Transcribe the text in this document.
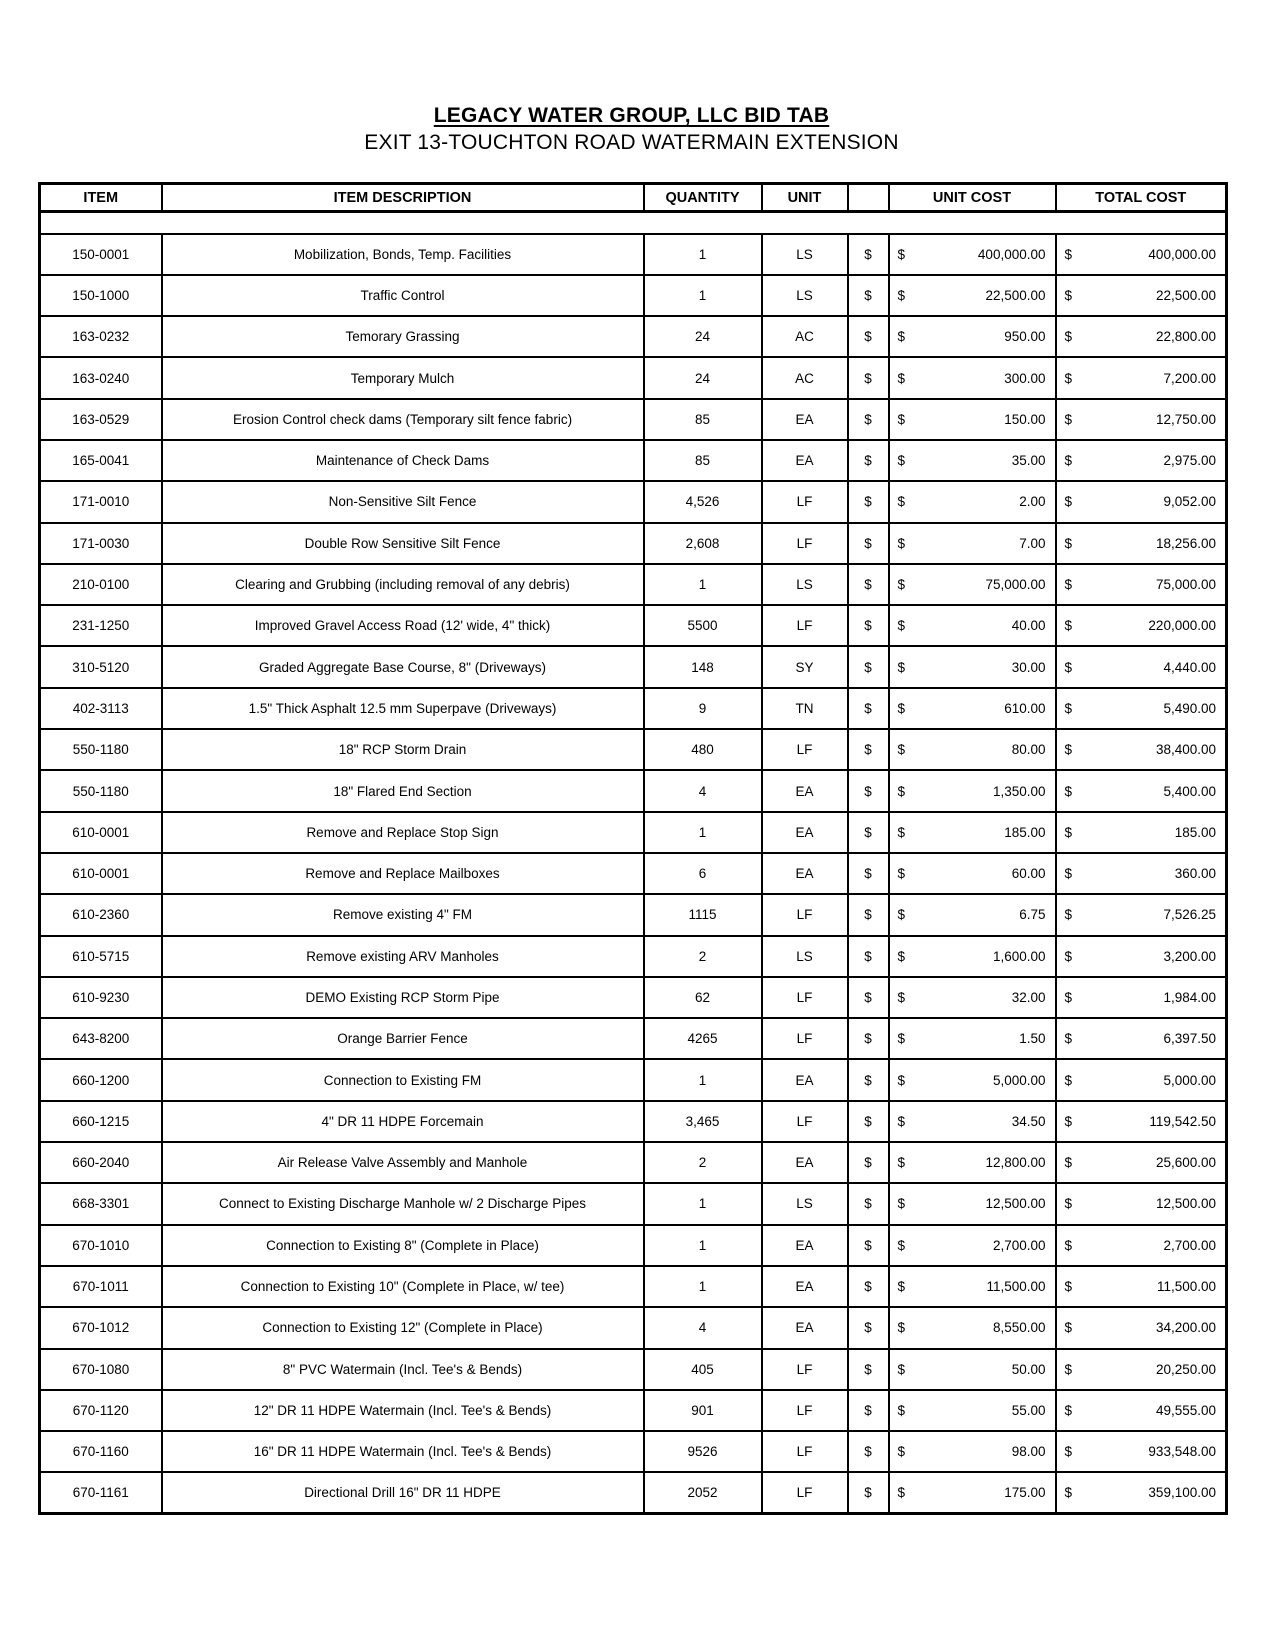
LEGACY WATER GROUP, LLC BID TAB
EXIT 13-TOUCHTON ROAD WATERMAIN EXTENSION
ITEM	ITEM DESCRIPTION	QUANTITY	UNIT		UNIT COST	TOTAL COST

150-0001	Mobilization, Bonds, Temp. Facilities	1	LS	$	$ 400,000.00	$ 400,000.00

150-1000	Traffic Control	1	LS	$	$ 22,500.00	$ 22,500.00

163-0232	Temorary Grassing	24	AC	$	$ 950.00	$ 22,800.00

163-0240	Temporary Mulch	24	AC	$	$ 300.00	$ 7,200.00

163-0529	Erosion Control check dams (Temporary silt fence fabric)	85	EA	$	$ 150.00	$ 12,750.00

165-0041	Maintenance of Check Dams	85	EA	$	$ 35.00	$ 2,975.00

171-0010	Non-Sensitive Silt Fence	4,526	LF	$	$ 2.00	$ 9,052.00

171-0030	Double Row Sensitive Silt Fence	2,608	LF	$	$ 7.00	$ 18,256.00

210-0100	Clearing and Grubbing (including removal of any debris)	1	LS	$	$ 75,000.00	$ 75,000.00

231-1250	Improved Gravel Access Road (12' wide, 4" thick)	5500	LF	$	$ 40.00	$ 220,000.00

310-5120	Graded Aggregate Base Course, 8" (Driveways)	148	SY	$	$ 30.00	$ 4,440.00

402-3113	1.5" Thick Asphalt 12.5 mm Superpave (Driveways)	9	TN	$	$ 610.00	$ 5,490.00

550-1180	18" RCP Storm Drain	480	LF	$	$ 80.00	$ 38,400.00

550-1180	18" Flared End Section	4	EA	$	$ 1,350.00	$ 5,400.00

610-0001	Remove and Replace Stop Sign	1	EA	$	$ 185.00	$ 185.00

610-0001	Remove and Replace Mailboxes	6	EA	$	$ 60.00	$ 360.00

610-2360	Remove existing 4" FM	1115	LF	$	$ 6.75	$ 7,526.25

610-5715	Remove existing ARV Manholes	2	LS	$	$ 1,600.00	$ 3,200.00

610-9230	DEMO Existing RCP Storm Pipe	62	LF	$	$ 32.00	$ 1,984.00

643-8200	Orange Barrier Fence	4265	LF	$	$ 1.50	$ 6,397.50

660-1200	Connection to Existing FM	1	EA	$	$ 5,000.00	$ 5,000.00

660-1215	4" DR 11 HDPE Forcemain	3,465	LF	$	$ 34.50	$ 119,542.50

660-2040	Air Release Valve Assembly and Manhole	2	EA	$	$ 12,800.00	$ 25,600.00

668-3301	Connect to Existing Discharge Manhole w/ 2 Discharge Pipes	1	LS	$	$ 12,500.00	$ 12,500.00

670-1010	Connection to Existing 8" (Complete in Place)	1	EA	$	$ 2,700.00	$ 2,700.00

670-1011	Connection to Existing 10" (Complete in Place, w/ tee)	1	EA	$	$ 11,500.00	$ 11,500.00

670-1012	Connection to Existing 12" (Complete in Place)	4	EA	$	$ 8,550.00	$ 34,200.00

670-1080	8" PVC Watermain (Incl. Tee's & Bends)	405	LF	$	$ 50.00	$ 20,250.00

670-1120	12" DR 11 HDPE Watermain (Incl. Tee's & Bends)	901	LF	$	$ 55.00	$ 49,555.00

670-1160	16" DR 11 HDPE Watermain (Incl. Tee's & Bends)	9526	LF	$	$ 98.00	$ 933,548.00

670-1161	Directional Drill 16" DR 11 HDPE	2052	LF	$	$ 175.00	$ 359,100.00
